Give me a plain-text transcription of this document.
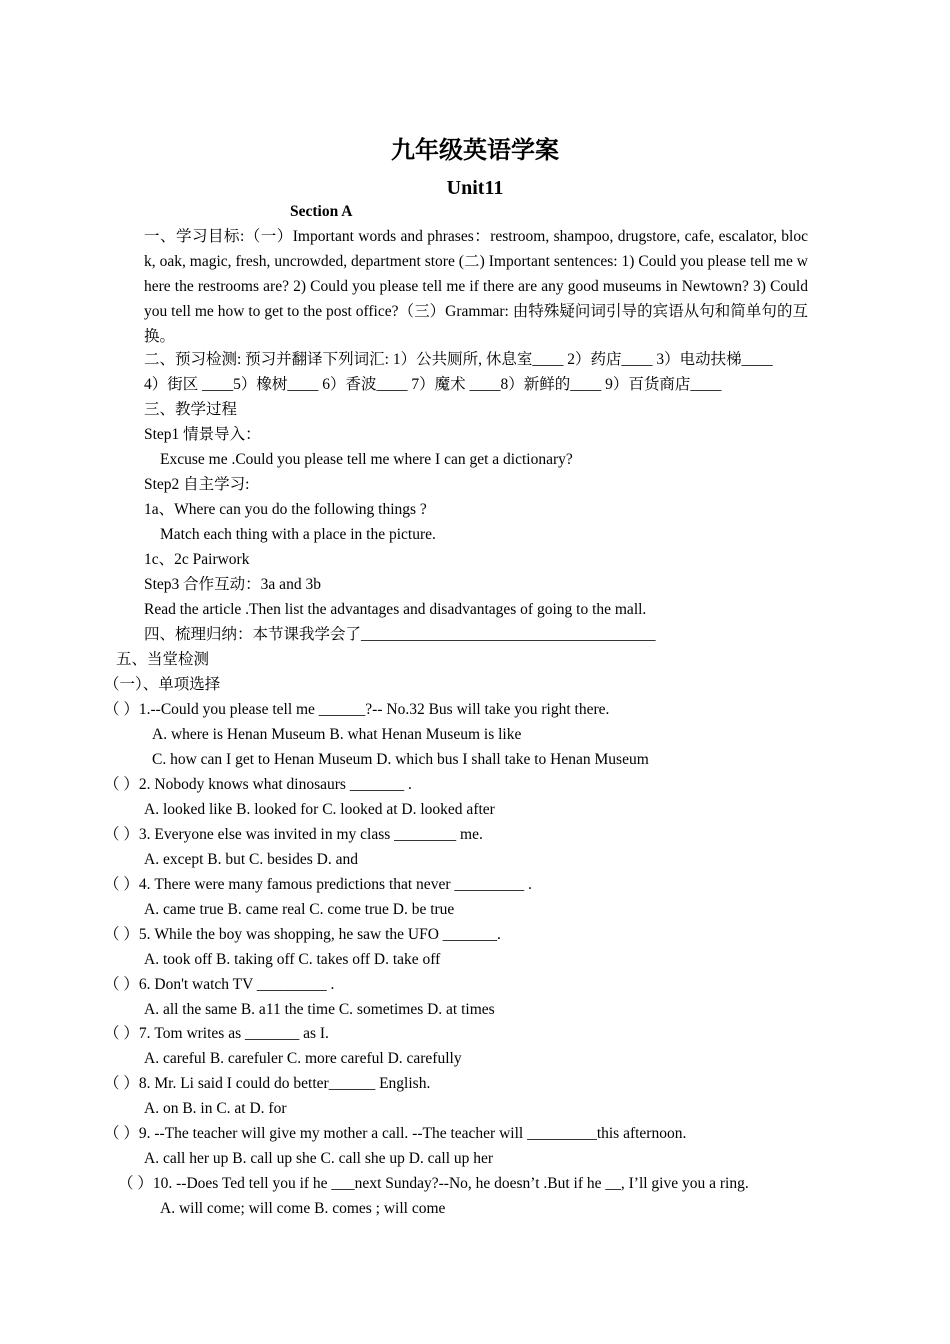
九年级英语学案
Unit11
Section A
一、学习目标:（一）Important words and phrases：restroom, shampoo, drugstore, cafe, escalator, block, oak, magic, fresh, uncrowded, department store (二) Important sentences: 1) Could you please tell me where the restrooms are? 2) Could you please tell me if there are any good museums in Newtown? 3) Could you tell me how to get to the post office?（三）Grammar: 由特殊疑问词引导的宾语从句和简单句的互换。
二、预习检测: 预习并翻译下列词汇: 1）公共厕所, 休息室____ 2）药店____ 3）电动扶梯____
4）街区 ____5）橡树____ 6）香波____ 7）魔术 ____8）新鲜的____ 9）百货商店____
三、教学过程
Step1 情景导入：
Excuse me .Could you please tell me where I can get a dictionary?
Step2 自主学习:
1a、Where can you do the following things ?
Match each thing with a place in the picture.
1c、2c Pairwork
Step3 合作互动：3a and 3b
Read the article .Then list the advantages and disadvantages of going to the mall.
四、梳理归纳：本节课我学会了______________________________________
五、当堂检测
（一）、单项选择
（ ）1.--Could you please tell me ______?-- No.32 Bus will take you right there.
A. where is Henan Museum B. what Henan Museum is like
C. how can I get to Henan Museum D. which bus I shall take to Henan Museum
（ ）2. Nobody knows what dinosaurs _______ .
A. looked like B. looked for C. looked at D. looked after
（ ）3. Everyone else was invited in my class ________ me.
A. except B. but C. besides D. and
（ ）4. There were many famous predictions that never _________ .
A. came true B. came real C. come true D. be true
（ ）5. While the boy was shopping, he saw the UFO _______.
A. took off B. taking off C. takes off D. take off
（ ）6. Don't watch TV _________ .
A. all the same B. a11 the time C. sometimes D. at times
（ ）7. Tom writes as _______ as I.
A. careful B. carefuler C. more careful D. carefully
（ ）8. Mr. Li said I could do better______ English.
A. on B. in C. at D. for
（ ）9. --The teacher will give my mother a call. --The teacher will _________this afternoon.
A. call her up B. call up she C. call she up D. call up her
（ ）10. --Does Ted tell you if he ___next Sunday?--No, he doesn’t .But if he __, I’ll give you a ring.
A. will come; will come B. comes ; will come
